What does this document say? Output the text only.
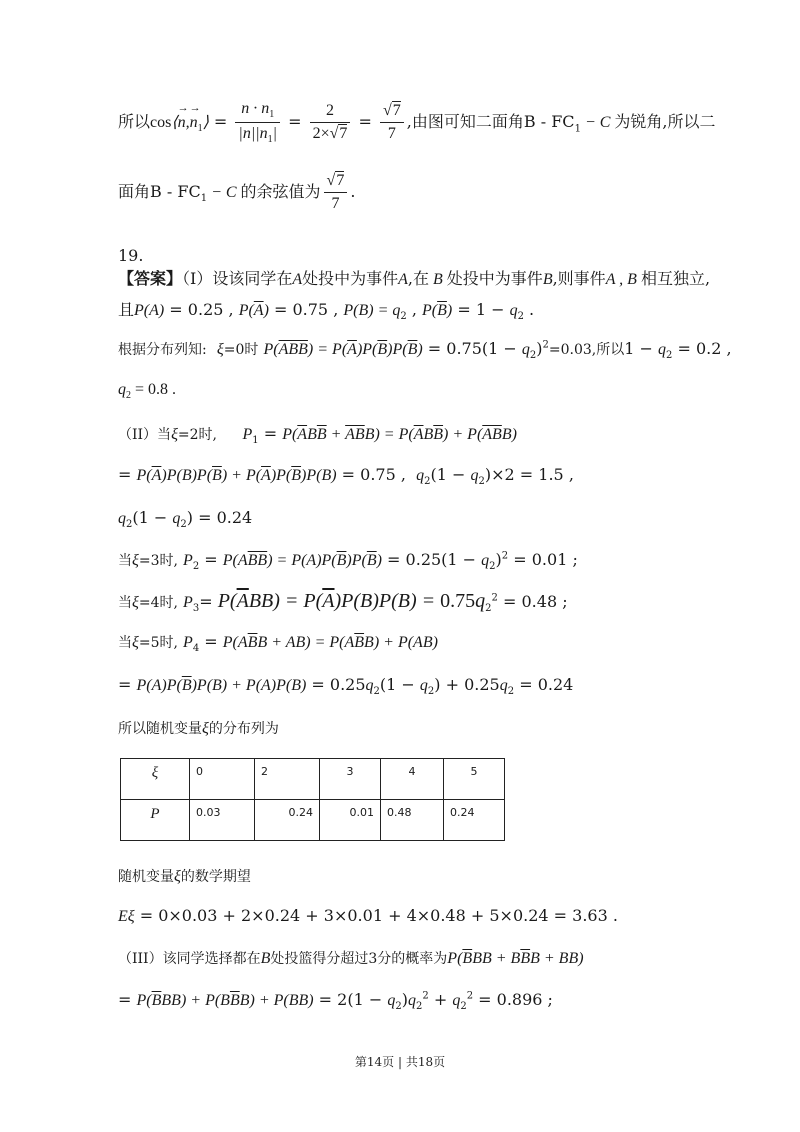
所以cos⟨n
→
,n
→
$_1$⟩ = $\frac{n \cdot n_1}{|n||n_1|} = \frac{2}{2\times√7} = \frac{√7}{7}$ ,由图可知二面角$B - FC_1 - C$ 为锐角,所以二
面角$B - FC_1 - C$ 的余弦值为 $\frac{√7}{7}$ .
19.
【答案】（I）设该同学在A处投中为事件A,在 B 处投中为事件B,则事件A , B 相互独立,
且P(A) = 0.25 , $P(\overline{A}) = 0.75$ , $P(B) = q_2$ , $P(\overline{B}) = 1 - q_2$ .
根据分布列知: ξ=0时 $P(\overline{ABB}) = P(\overline{A})P(\overline{B})P(\overline{B}) = 0.75(1 - q_2)^2=0.03$,所以$1 - q_2 = 0.2$ ,
$q_2 = 0.8$ .
（II）当ξ=2时, $P_1 = P(\overline{A}B\overline{B} + \overline{AB}B) = P(\overline{A}B\overline{B}) + P(\overline{AB}B)$
= $P(\overline{A})P(B)P(\overline{B}) + P(\overline{A})P(\overline{B})P(B) = 0.75$ ,  $q_2(1 - q_2)\times 2 = 1.5$ ,
$q_2(1 - q_2) = 0.24$
当ξ=3时, $P_2 = P(A\overline{BB}) = P(A)P(\overline{B})P(\overline{B}) = 0.25(1 - q_2)^2 = 0.01$ ;
当ξ=4时, $P_3= P(\overline{A}BB) = P(\overline{A})P(B)P(B) = 0.75q_2^2 = 0.48$ ;
当ξ=5时, $P_4 = P(A\overline{B}B + AB) = P(A\overline{B}B) + P(AB)$
= $P(A)P(\overline{B})P(B) + P(A)P(B) = 0.25q_2(1 - q_2) + 0.25q_2 = 0.24$
所以随机变量ξ的分布列为
ξ	0	2	3	4	5
P	0.03	0.24	0.01	0.48	0.24
随机变量ξ的数学期望
Eξ = 0×0.03 + 2×0.24 + 3×0.01 + 4×0.48 + 5×0.24 = 3.63 .
（III）该同学选择都在B处投篮得分超过3分的概率为$P(\overline{B}BB + B\overline{B}B + BB)$
= $P(\overline{B}BB) + P(B\overline{B}B) + P(BB) = 2(1 - q_2)q_2^2 + q_2^2 = 0.896$ ;
第14页 | 共18页
